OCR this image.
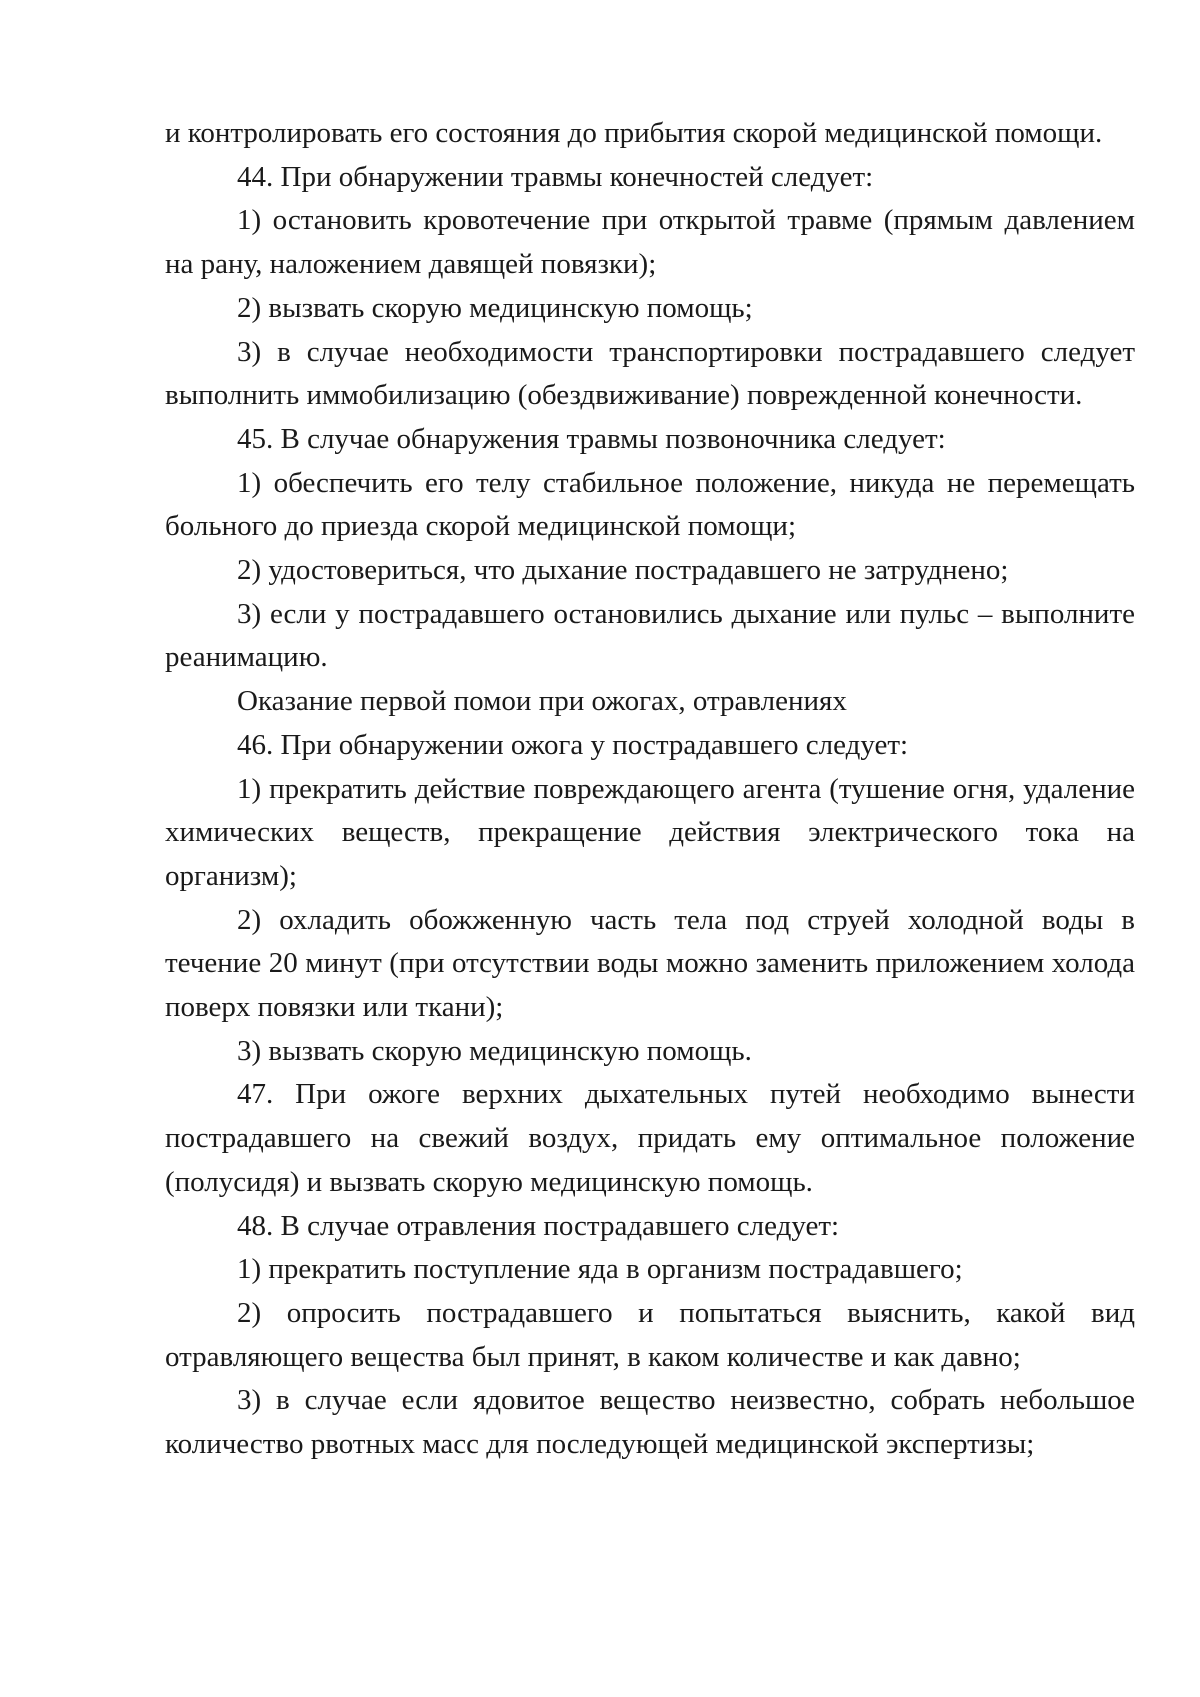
и контролировать его состояния до прибытия скорой медицинской помощи.

44. При обнаружении травмы конечностей следует:

1) остановить кровотечение при открытой травме (прямым давлением на рану, наложением давящей повязки);

2) вызвать скорую медицинскую помощь;

3) в случае необходимости транспортировки пострадавшего следует выполнить иммобилизацию (обездвиживание) поврежденной конечности.

45. В случае обнаружения травмы позвоночника следует:

1) обеспечить его телу стабильное положение, никуда не перемещать больного до приезда скорой медицинской помощи;

2) удостовериться, что дыхание пострадавшего не затруднено;

3) если у пострадавшего остановились дыхание или пульс – выполните реанимацию.

Оказание первой помои при ожогах, отравлениях

46. При обнаружении ожога у пострадавшего следует:

1) прекратить действие повреждающего агента (тушение огня, удаление химических веществ, прекращение действия электрического тока на организм);

2) охладить обожженную часть тела под струей холодной воды в течение 20 минут (при отсутствии воды можно заменить приложением холода поверх повязки или ткани);

3) вызвать скорую медицинскую помощь.

47. При ожоге верхних дыхательных путей необходимо вынести пострадавшего на свежий воздух, придать ему оптимальное положение (полусидя) и вызвать скорую медицинскую помощь.

48. В случае отравления пострадавшего следует:

1) прекратить поступление яда в организм пострадавшего;

2) опросить пострадавшего и попытаться выяснить, какой вид отравляющего вещества был принят, в каком количестве и как давно;

3) в случае если ядовитое вещество неизвестно, собрать небольшое количество рвотных масс для последующей медицинской экспертизы;
